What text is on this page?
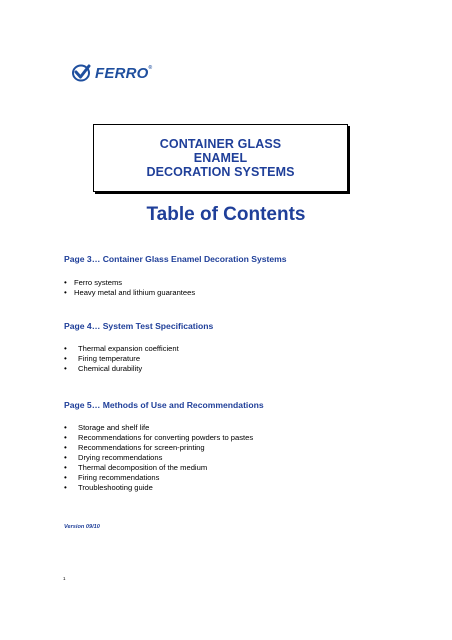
FERRO®
CONTAINER GLASS
ENAMEL
DECORATION SYSTEMS
Table of Contents
Page 3… Container Glass Enamel Decoration Systems
• Ferro systems
• Heavy metal and lithium guarantees
Page 4… System Test Specifications
• Thermal expansion coefficient
• Firing temperature
• Chemical durability
Page 5… Methods of Use and Recommendations
• Storage and shelf life
• Recommendations for converting powders to pastes
• Recommendations for screen-printing
• Drying recommendations
• Thermal decomposition of the medium
• Firing recommendations
• Troubleshooting guide
Version 09/10
1
